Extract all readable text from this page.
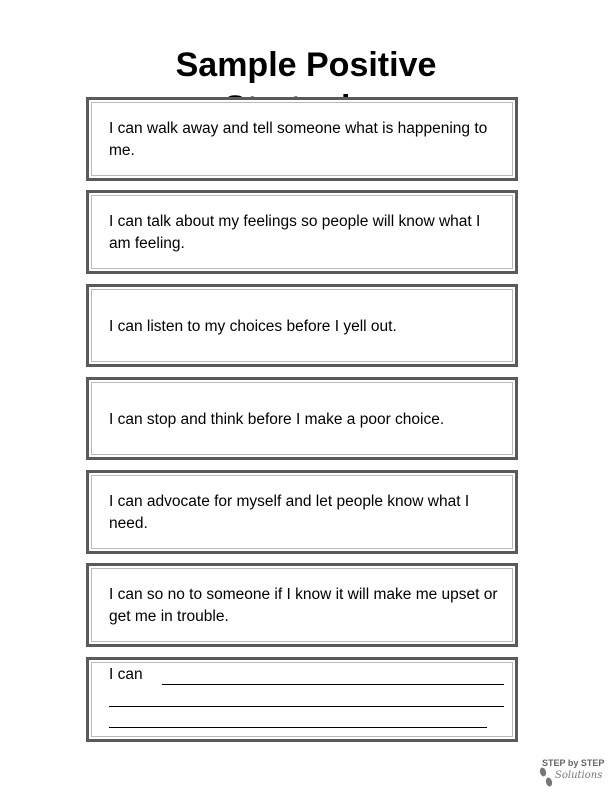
Sample Positive

I can walk away and tell someone what is happening to me.
I can talk about my feelings so people will know what I am feeling.
I can listen to my choices before I yell out.
I can stop and think before I make a poor choice.
I can advocate for myself and let people know what I need.
I can so no to someone if I know it will make me upset or get me in trouble.
I can
STEP by STEP
Solutions
